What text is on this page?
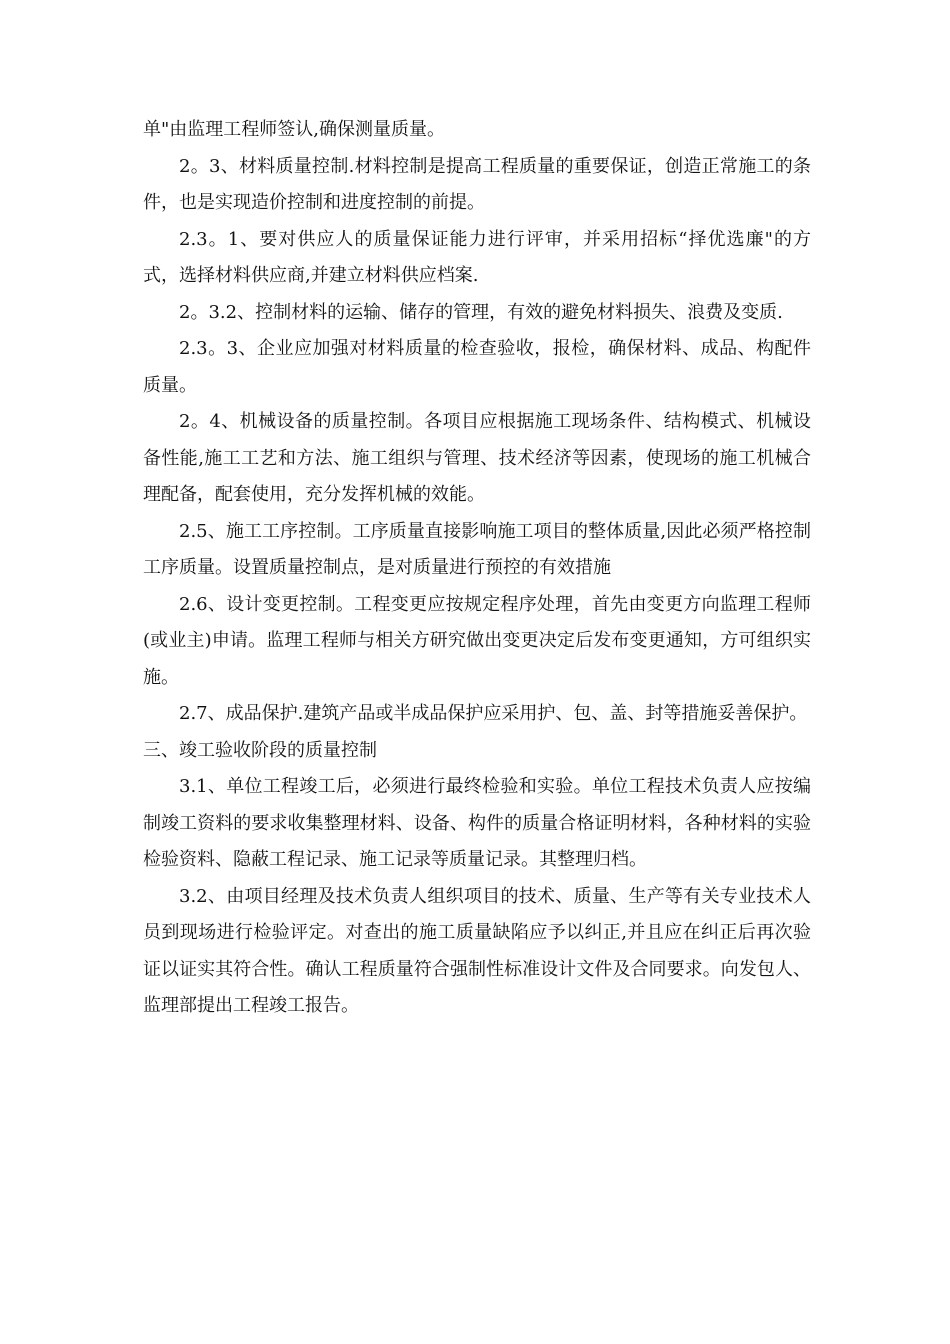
单"由监理工程师签认,确保测量质量。

2。3、材料质量控制.材料控制是提高工程质量的重要保证，创造正常施工的条件，也是实现造价控制和进度控制的前提。

2.3。1、要对供应人的质量保证能力进行评审，并采用招标“择优选廉"的方式，选择材料供应商,并建立材料供应档案.

2。3.2、控制材料的运输、储存的管理，有效的避免材料损失、浪费及变质.

2.3。3、企业应加强对材料质量的检查验收，报检，确保材料、成品、构配件质量。

2。4、机械设备的质量控制。各项目应根据施工现场条件、结构模式、机械设备性能,施工工艺和方法、施工组织与管理、技术经济等因素，使现场的施工机械合理配备，配套使用，充分发挥机械的效能。

2.5、施工工序控制。工序质量直接影响施工项目的整体质量,因此必须严格控制工序质量。设置质量控制点，是对质量进行预控的有效措施

2.6、设计变更控制。工程变更应按规定程序处理，首先由变更方向监理工程师(或业主)申请。监理工程师与相关方研究做出变更决定后发布变更通知，方可组织实施。

2.7、成品保护.建筑产品或半成品保护应采用护、包、盖、封等措施妥善保护。

三、竣工验收阶段的质量控制

3.1、单位工程竣工后，必须进行最终检验和实验。单位工程技术负责人应按编制竣工资料的要求收集整理材料、设备、构件的质量合格证明材料，各种材料的实验检验资料、隐蔽工程记录、施工记录等质量记录。其整理归档。

3.2、由项目经理及技术负责人组织项目的技术、质量、生产等有关专业技术人员到现场进行检验评定。对查出的施工质量缺陷应予以纠正,并且应在纠正后再次验证以证实其符合性。确认工程质量符合强制性标准设计文件及合同要求。向发包人、监理部提出工程竣工报告。
